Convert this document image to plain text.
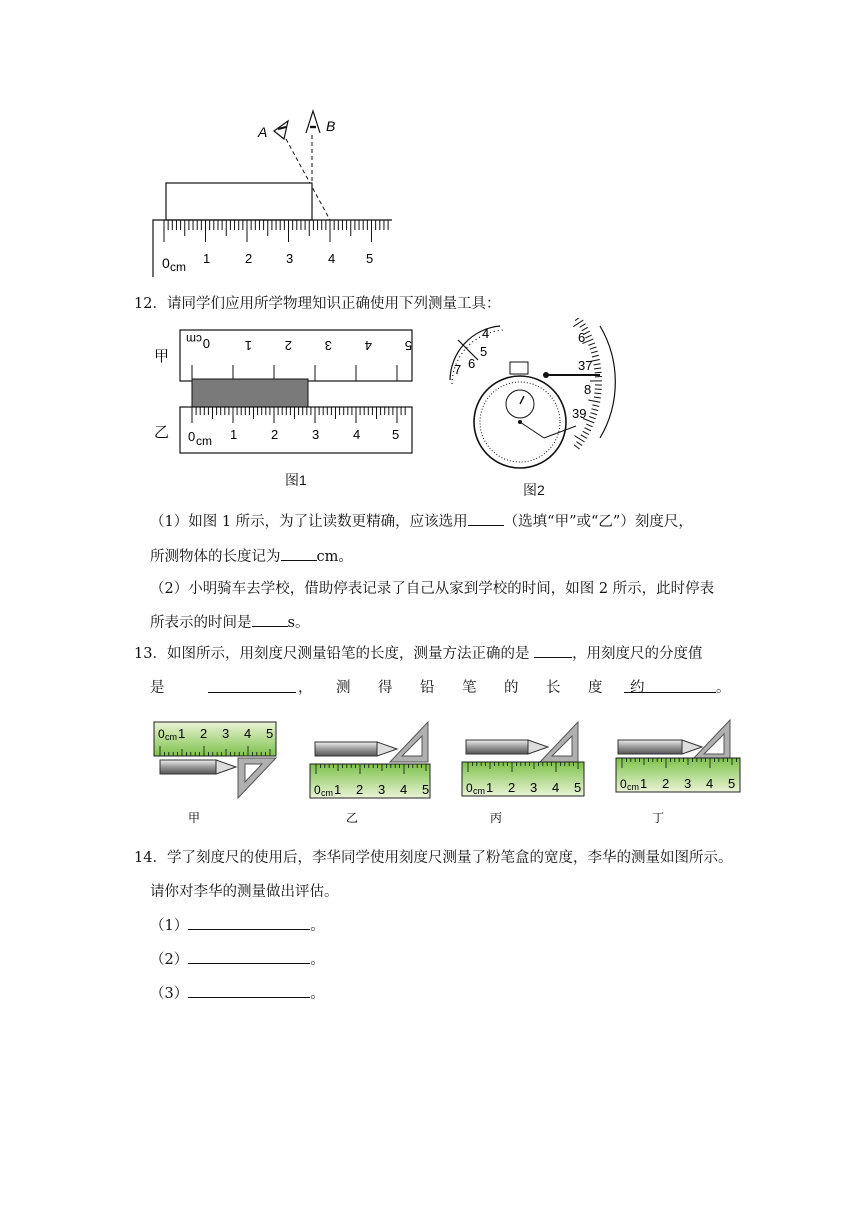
A	B
0 cm
1	2	3	4 5
12．请同学们应用所学物理知识正确使用下列测量工具：
甲
乙 0 cm 1	2	3	4 5
0
cm	1	2	3	4	5
图1
4
5
6
7
6
37
8
39
图2
（1）如图 1 所示，为了让读数更精确，应该选用 （选填“甲”或“乙”）刻度尺，
所测物体的长度记为 cm。
（2）小明骑车去学校，借助停表记录了自己从家到学校的时间，如图 2 所示，此时停表
所表示的时间是 s。
13．如图所示，用刻度尺测量铅笔的长度，测量方法正确的是	，用刻度尺的分度值
是	， 测 得 铅 笔 的 长 度 约	。
0 cm 1 2 3 4 5
0 cm 1 2 3 4 5	0 cm 1 2 3 4 5	0 cm 1 2 3 4 5
甲	乙	丙	丁
14．学了刻度尺的使用后，李华同学使用刻度尺测量了粉笔盒的宽度，李华的测量如图所示。
请你对李华的测量做出评估。
（1）	。
（2）	。
（3）	。
